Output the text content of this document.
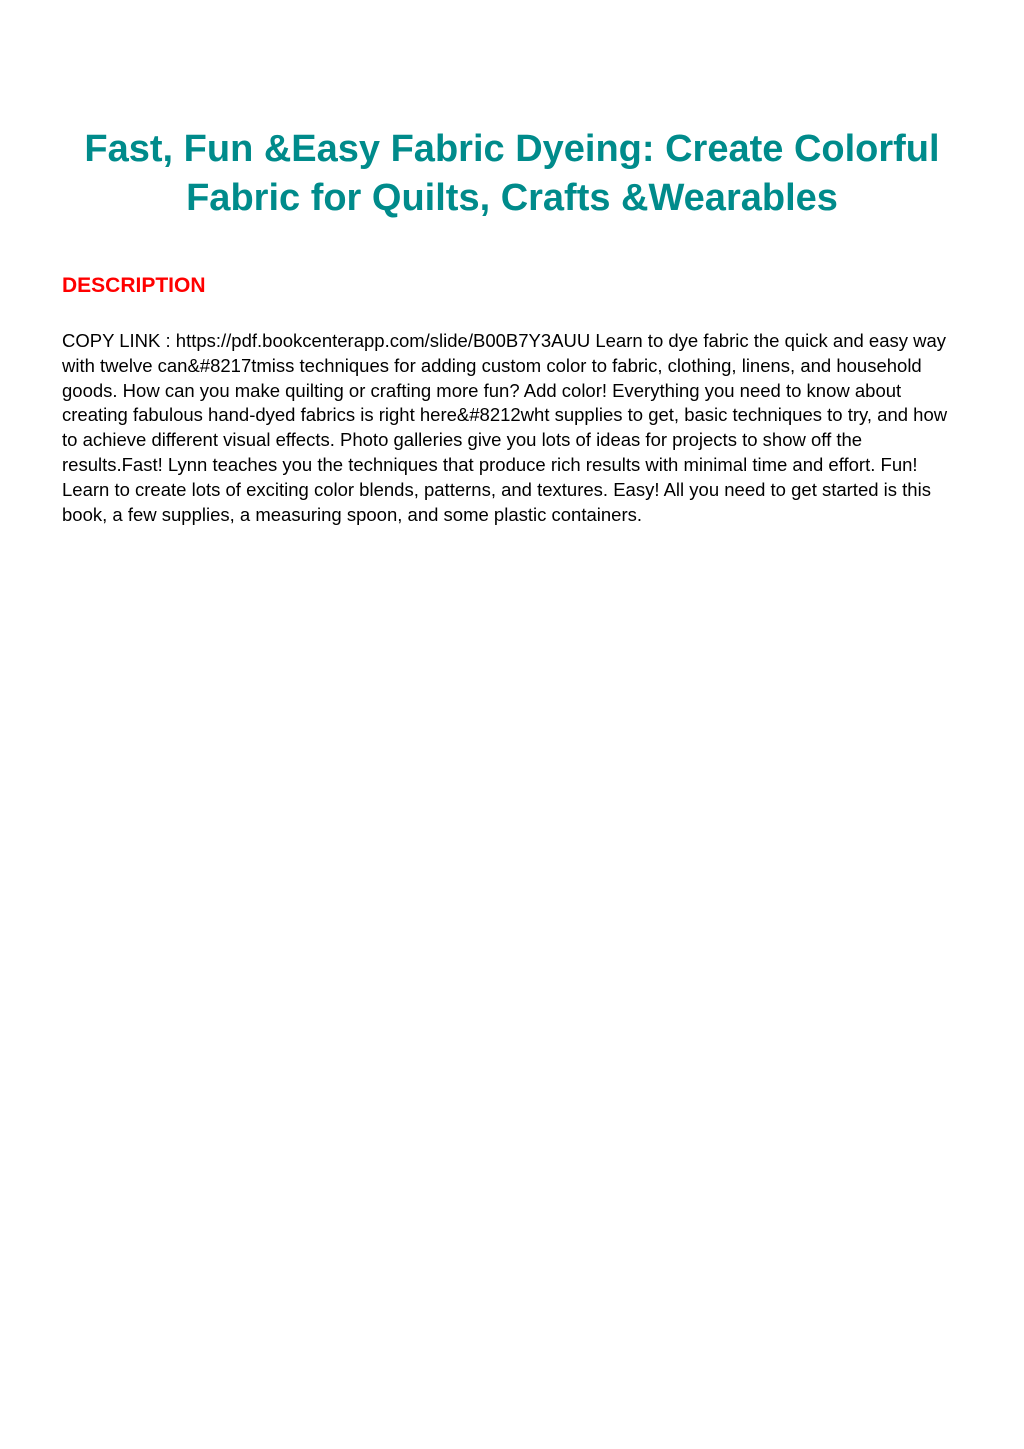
Fast, Fun &Easy Fabric Dyeing: Create Colorful Fabric for Quilts, Crafts &Wearables
DESCRIPTION

COPY LINK : https://pdf.bookcenterapp.com/slide/B00B7Y3AUU Learn to dye fabric the quick and easy way with twelve can&#8217tmiss techniques for adding custom color to fabric, clothing, linens, and household goods. How can you make quilting or crafting more fun? Add color! Everything you need to know about creating fabulous hand-dyed fabrics is right here&#8212wht supplies to get, basic techniques to try, and how to achieve different visual effects. Photo galleries give you lots of ideas for projects to show off the results.Fast! Lynn teaches you the techniques that produce rich results with minimal time and effort. Fun! Learn to create lots of exciting color blends, patterns, and textures. Easy! All you need to get started is this book, a few supplies, a measuring spoon, and some plastic containers.
